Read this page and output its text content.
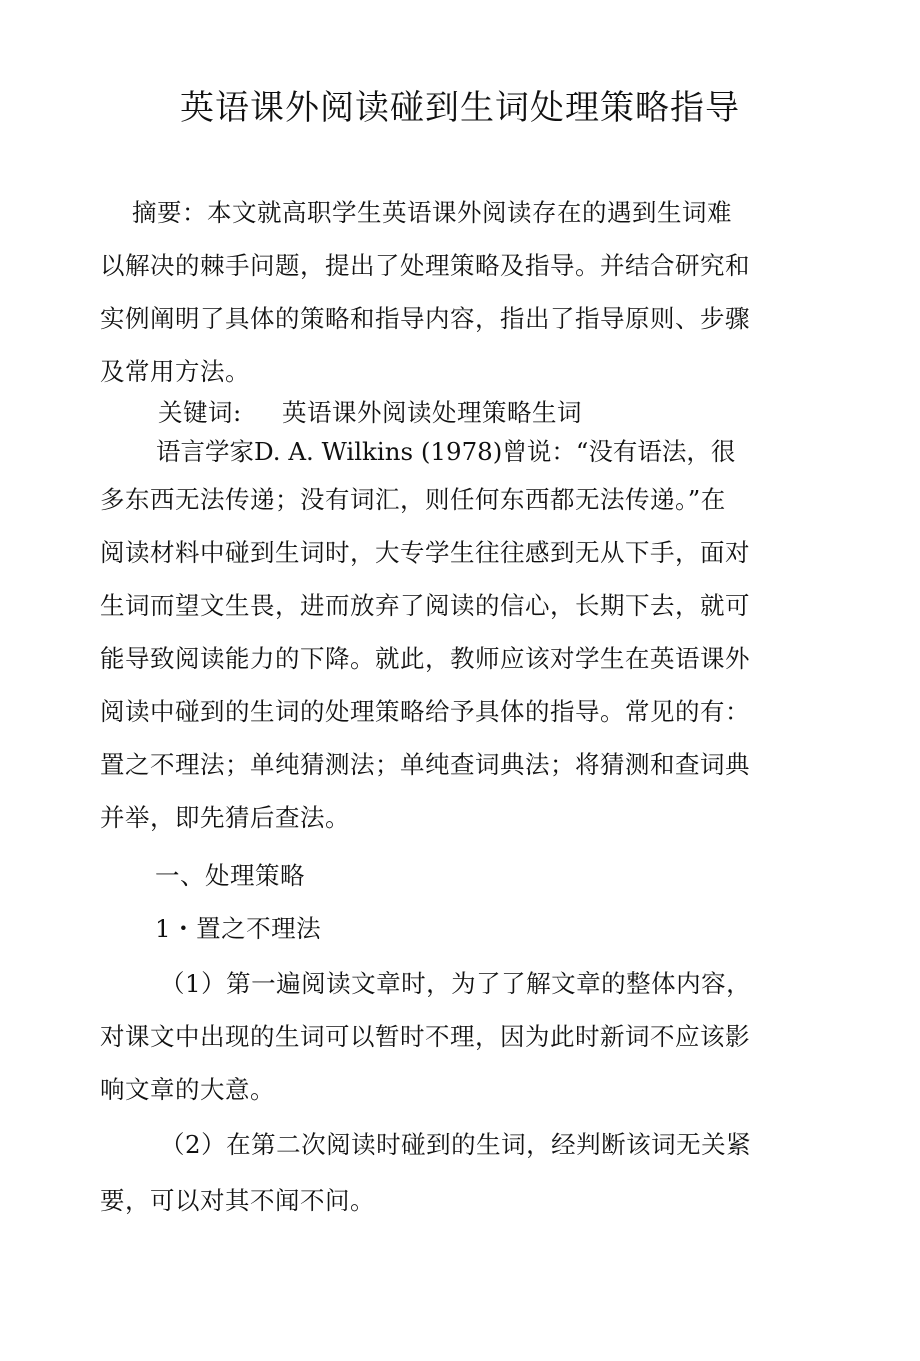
英语课外阅读碰到生词处理策略指导
摘要：本文就高职学生英语课外阅读存在的遇到生词难
以解决的棘手问题，提出了处理策略及指导。并结合研究和
实例阐明了具体的策略和指导内容，指出了指导原则、步骤
及常用方法。
关键词: 英语课外阅读处理策略生词
语言学家D. A. Wilkins (1978)曾说：“没有语法，很
多东西无法传递；没有词汇，则任何东西都无法传递。”在
阅读材料中碰到生词时，大专学生往往感到无从下手，面对
生词而望文生畏，进而放弃了阅读的信心，长期下去，就可
能导致阅读能力的下降。就此，教师应该对学生在英语课外
阅读中碰到的生词的处理策略给予具体的指导。常见的有：
置之不理法；单纯猜测法；单纯查词典法；将猜测和查词典
并举，即先猜后查法。
一、处理策略
1・置之不理法
（1）第一遍阅读文章时，为了了解文章的整体内容，
对课文中出现的生词可以暂时不理，因为此时新词不应该影
响文章的大意。
（2）在第二次阅读时碰到的生词，经判断该词无关紧
要，可以对其不闻不问。
